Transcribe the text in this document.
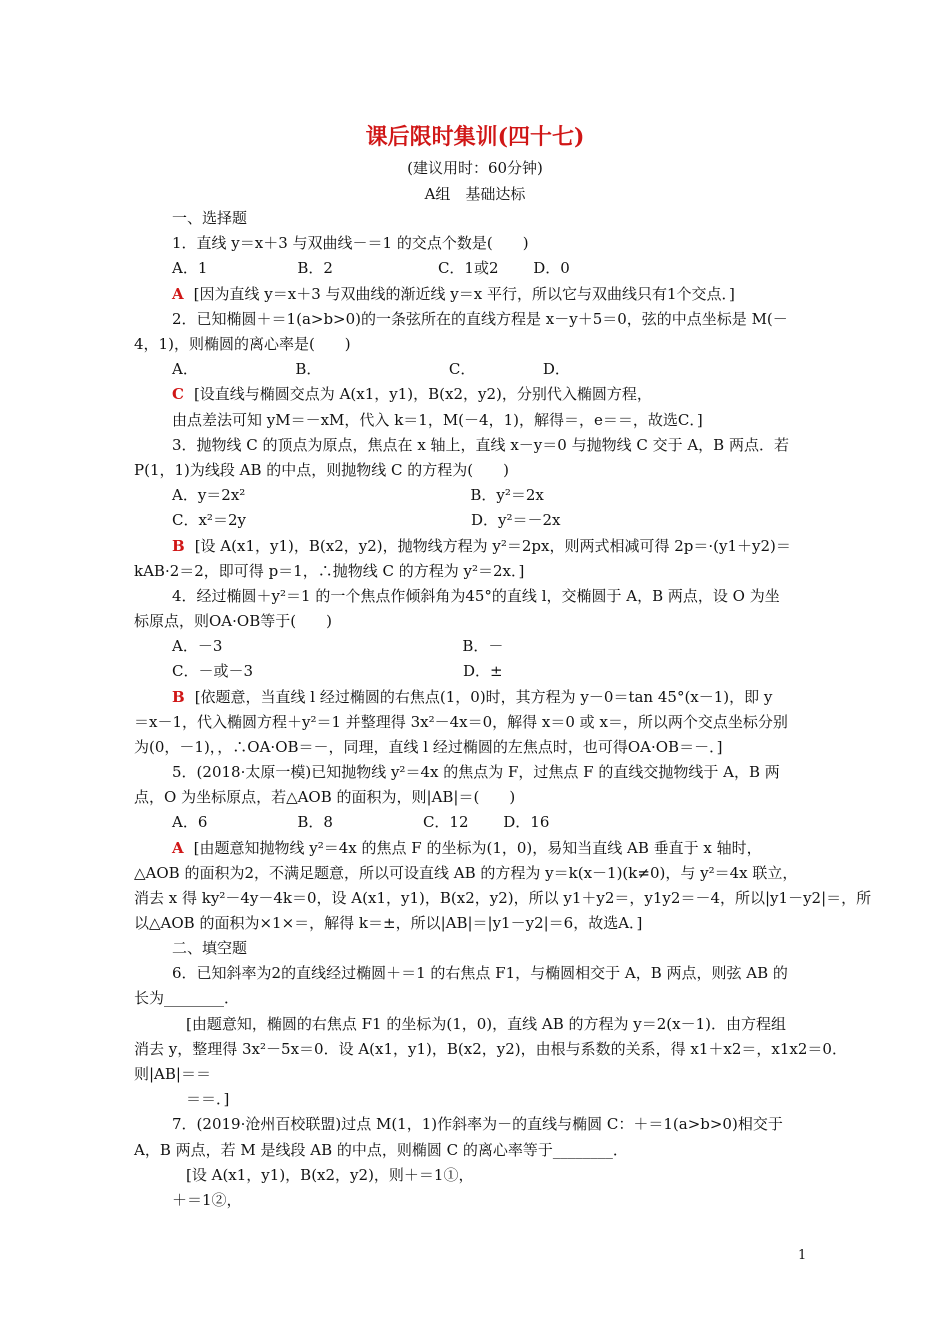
课后限时集训(四十七)
(建议用时：60分钟)
A组　基础达标
一、选择题
1．直线 y＝x＋3 与双曲线－＝1 的交点个数是(　　)
A．1　　　　　　B．2　　　　　　　C．1或2　　 D．0
A [因为直线 y＝x＋3 与双曲线的渐近线 y＝x 平行，所以它与双曲线只有1个交点．]
2．已知椭圆＋＝1(a>b>0)的一条弦所在的直线方程是 x－y＋5＝0，弦的中点坐标是 M(－
4，1)，则椭圆的离心率是(　　)
A．　　　　　　　B．　　　　　　　　　C．　　　　　D．
C [设直线与椭圆交点为 A(x1，y1)，B(x2，y2)，分别代入椭圆方程，
由点差法可知 yM＝－xM，代入 k＝1，M(－4，1)，解得＝，e＝＝，故选C．]
3．抛物线 C 的顶点为原点，焦点在 x 轴上，直线 x－y＝0 与抛物线 C 交于 A，B 两点．若
P(1，1)为线段 AB 的中点，则抛物线 C 的方程为(　　)
A．y＝2x²　　　　　　　　　　　　　　　B．y²＝2x
C．x²＝2y　　　　　　　　　　　　　　　D．y²＝－2x
B [设 A(x1，y1)，B(x2，y2)，抛物线方程为 y²＝2px，则两式相减可得 2p＝·(y1＋y2)＝
kAB·2＝2，即可得 p＝1，∴抛物线 C 的方程为 y²＝2x．]
4．经过椭圆＋y²＝1 的一个焦点作倾斜角为45°的直线 l，交椭圆于 A，B 两点，设 O 为坐
标原点，则OA·OB等于(　　)
A．－3　　　　　　　　　　　　　　　　B．－
C．－或－3　　　　　　　　　　　　　　D．±
B [依题意，当直线 l 经过椭圆的右焦点(1，0)时，其方程为 y－0＝tan 45°(x－1)，即 y
＝x－1，代入椭圆方程＋y²＝1 并整理得 3x²－4x＝0，解得 x＝0 或 x＝，所以两个交点坐标分别
为(0，－1)，，∴OA·OB＝－，同理，直线 l 经过椭圆的左焦点时，也可得OA·OB＝－．]
5．(2018·太原一模)已知抛物线 y²＝4x 的焦点为 F，过焦点 F 的直线交抛物线于 A，B 两
点，O 为坐标原点，若△AOB 的面积为，则|AB|＝(　　)
A．6　　　　　　B．8　　　　　　C．12　　 D．16
A [由题意知抛物线 y²＝4x 的焦点 F 的坐标为(1，0)，易知当直线 AB 垂直于 x 轴时，
△AOB 的面积为2，不满足题意，所以可设直线 AB 的方程为 y＝k(x－1)(k≠0)，与 y²＝4x 联立，
消去 x 得 ky²－4y－4k＝0，设 A(x1，y1)，B(x2，y2)，所以 y1＋y2＝，y1y2＝－4，所以|y1－y2|＝，所
以△AOB 的面积为×1×＝，解得 k＝±，所以|AB|＝|y1－y2|＝6，故选A．]
二、填空题
6．已知斜率为2的直线经过椭圆＋＝1 的右焦点 F1，与椭圆相交于 A，B 两点，则弦 AB 的
长为________．
[由题意知，椭圆的右焦点 F1 的坐标为(1，0)，直线 AB 的方程为 y＝2(x－1)．由方程组
消去 y，整理得 3x²－5x＝0．设 A(x1，y1)，B(x2，y2)，由根与系数的关系，得 x1＋x2＝，x1x2＝0．
则|AB|＝＝
＝＝．]
7．(2019·沧州百校联盟)过点 M(1，1)作斜率为－的直线与椭圆 C：＋＝1(a>b>0)相交于
A，B 两点，若 M 是线段 AB 的中点，则椭圆 C 的离心率等于________．
[设 A(x1，y1)，B(x2，y2)，则＋＝1①，
＋＝1②，
1
